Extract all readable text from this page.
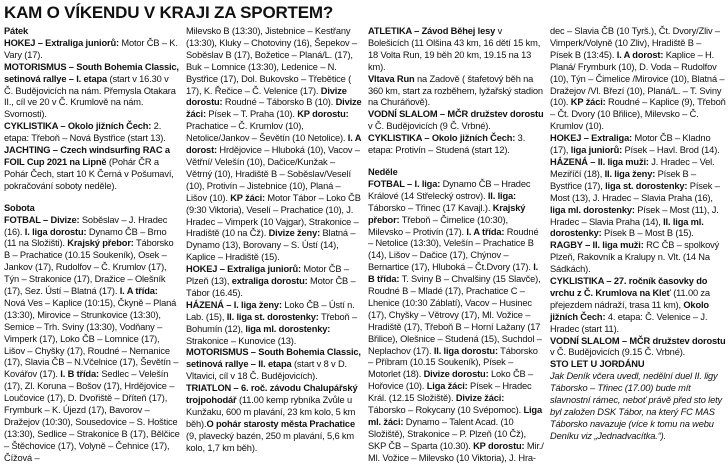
KAM O VÍKENDU V KRAJI ZA SPORTEM?

Pátek

HOKEJ – Extraliga juniorů: Motor ČB – K. Vary (17).

MOTORISMUS – South Bohemia Classic, setinová rallye – I. etapa (start v 16.30 v Č. Budějovicích na nám. Přemysla Otakara II., cíl ve 20 v Č. Krumlově na nám. Svornosti).

CYKLISTIKA – Okolo jižních Čech: 2. etapa: Třeboň – Nová Bystřice (start 13).

JACHTING – Czech windsurfing RAC a FOIL Cup 2021 na Lipně (Pohár ČR a Pohár Čech, start 10 K Černá v Pošumaví, pokračování soboty neděle).

Sobota

FOTBAL – Divize: Soběslav – J. Hradec (16). I. liga dorostu: Dynamo ČB – Brno (11 na Složišti). Krajský přebor: Táborsko B – Prachatice (10.15 Soukeník), Osek – Jankov (17), Rudolfov – Č. Krumlov (17), Týn – Strakonice (17), Dražice – Olešník (17), Sez. Ústí – Blatná (17). I. A třída: Nová Ves – Kaplice (10:15), Čkyně – Planá (13:30), Mirovice – Strunkovice (13:30), Semice – Trh. Sviny (13:30), Vodňany – Vimperk (17), Loko ČB – Lomnice (17), Lišov – Chyšky (17), Roudné – Nemanice (17), Slavia ČB – N.Včelnice (17), Ševětín – Kovářov (17). I. B třída: Sedlec – Velešín (17), Zl. Koruna – Bošov (17), Hrdějovice – Loučovice (17), D. Dvořiště – Dříteň (17), Frymburk – K. Újezd (17), Bavorov – Dražejov (10:30), Sousedovice – S. Hoštice (13:30), Sedlice – Strakonice B (17), Bělčice – Štěchovice (17), Volyně – Čehnice (17), Čížová –

Milevsko B (13:30), Jistebnice – Kestřany (13:30), Kluky – Chotoviny (16), Šepekov – Soběslav B (17), Božetice – Planá/L. (17), Buk – Lomnice (13:30), Ledenice – N. Bystřice (17), Dol. Bukovsko – Třebětice ( 17), K. Řečice – Č. Velenice (17). Divize dorostu: Roudné – Táborsko B (10). Divize žáci: Písek – T. Praha (10). KP dorostu: Prachatice – Č. Krumlov (10), Netolice/Jankov – Ševětín (10 Netolice). I. A dorost: Hrdějovice – Hluboká (10), Vacov – Větřní/ Velešín (10), Dačice/Kunžak – Větrný (10), Hradiště B – Soběslav/Veselí (10), Protivín – Jistebnice (10), Planá – Lišov (10). KP žáci: Motor Tábor – Loko ČB (9:30 Viktoria), Veselí – Prachatice (10), J. Hradec – Vimperk (10 Vajgar), Strakonice – Hradiště (10 na Čž). Divize ženy: Blatná – Dynamo (13), Borovany – S. Ústí (14), Kaplice – Hradiště (15).

HOKEJ – Extraliga juniorů: Motor ČB – Plzeň (13), extraliga dorostu: Motor ČB – Tábor (16.45).

HÁZENÁ – I. liga ženy: Loko ČB – Ústí n. Lab. (15), II. liga st. dorostenky: Třeboň – Bohumín (12), liga ml. dorostenky: Strakonice – Kunovice (13).

MOTORISMUS – South Bohemia Classic, setinová rallye – II. etapa (start v 8 v D. Vltavici, cíl v 18 Č. Budějovicích).

TRIATLON – 6. roč. závodu Chalupářský trojpohodář (11.00 kemp rybníka Zvůle u Kunžaku, 600 m plavání, 23 km kolo, 5 km běh).O pohár starosty města Prachatice (9, plavecký bazén, 250 m plavání, 5,6 km kolo, 1,7 km běh).

ATLETIKA – Závod Běhej lesy v Bolešicích (11 Olšina 43 km, 16 dětí 15 km, 18 Volta Run, 19 běh 20 km, 19.15 na 13 km).

Vltava Run na Zadově ( štafetový běh na 360 km, start za rozběhem, lyžařský stadion na Churáňově).

VODNÍ SLALOM – MČR družstev dorostu v Č. Budějovicích (9 Č. Vrbné).

CYKLISTIKA – Okolo jižních Čech: 3. etapa: Protivín – Studená (start 12).

Neděle

FOTBAL – I. liga: Dynamo ČB – Hradec Králové (14 Střelecký ostrov). II. liga: Táborsko – Třinec (17 Kavajl.). Krajský přebor: Třeboň – Čimelice (10:30), Milevsko – Protivín (17). I. A třída: Roudné – Netolice (13:30), Velešín – Prachatice B (14), Lišov – Dačice (17), Chýnov – Bernartice (17), Hluboká – Čt.Dvory (17). I. B třída: T. Sviny B – Chvalšiny (15 Slavče), Roudné B – Mladé (17), Prachatice C – Lhenice (10:30 Záblatí), Vacov – Husinec (17), Chyšky – Větrovy (17), Ml. Vožice – Hradiště (17), Třeboň B – Horní Lažany (17 Břilice), Olešnice – Studená (15), Suchdol – Neplachov (17). II. liga dorostu: Táborsko – Příbram (10.15 Soukeník), Písek – Motorlet (18). Divize dorostu: Loko ČB – Hořovice (10). Liga žáci: Písek – Hradec Král. (12.15 Složiště). Divize žáci: Táborsko – Rokycany (10 Svépomoc). Liga ml. žáci: Dynamo – Talent Acad. (10 Složiště), Strakonice – P. Plzeň (10 Čž), SKP ČB – Sparta (10.30). KP dorostu: Mir./ Ml. Vožice – Milevsko (10 Viktoria), J. Hra-

dec – Slavia ČB (10 Tyrš.), Čt. Dvory/Zliv – Vimperk/Volyně (10 Zliv), Hradiště B – Písek B (13:45). I. A dorost: Kaplice – H. Planá/ Frymburk (10), D. Voda – Rudolfov (10), Týn – Čimelice /Mirovice (10), Blatná – Dražejov /Vl. Březí (10), Planá/L. – T. Sviny (10). KP žáci: Roudné – Kaplice (9), Třeboň – Čt. Dvory (10 Břilice), Milevsko – Č. Krumlov (10).

HOKEJ – Extraliga: Motor ČB – Kladno (17), liga juniorů: Písek – Havl. Brod (14).

HÁZENÁ – II. liga muži: J. Hradec – Vel. Meziříčí (18), II. liga ženy: Písek B – Bystřice (17), liga st. dorostenky: Písek – Most (13), J. Hradec – Slavia Praha (16), liga ml. dorostenky: Písek – Most (11), J. Hradec – Slavia Praha (14), II. liga ml. dorostenky: Písek B – Most B (15).

RAGBY – II. liga muži: RC ČB – spolkový Plzeň, Rakovník a Kralupy n. Vlt. (14 Na Sádkách).

CYKLISTIKA – 27. ročník časovky do vrchu z Č. Krumlova na Kleť (11.00 za přejezdem nádraží, trasa 11 km), Okolo jižních Čech: 4. etapa: Č. Velenice – J. Hradec (start 11).

VODNÍ SLALOM – MČR družstev dorostu v Č. Budějovicích (9.15 Č. Vrbné).

STO LET U JORDÁNU

Jak Deník včera uvedl, nedělní duel II. ligy Táborsko – Třinec (17.00) bude mít slavnostní rámec, neboť právě před sto lety byl založen DSK Tábor, na který FC MAS Táborsko navazuje (více k tomu na webu Deníku viz „Jednadvacítka.“).
